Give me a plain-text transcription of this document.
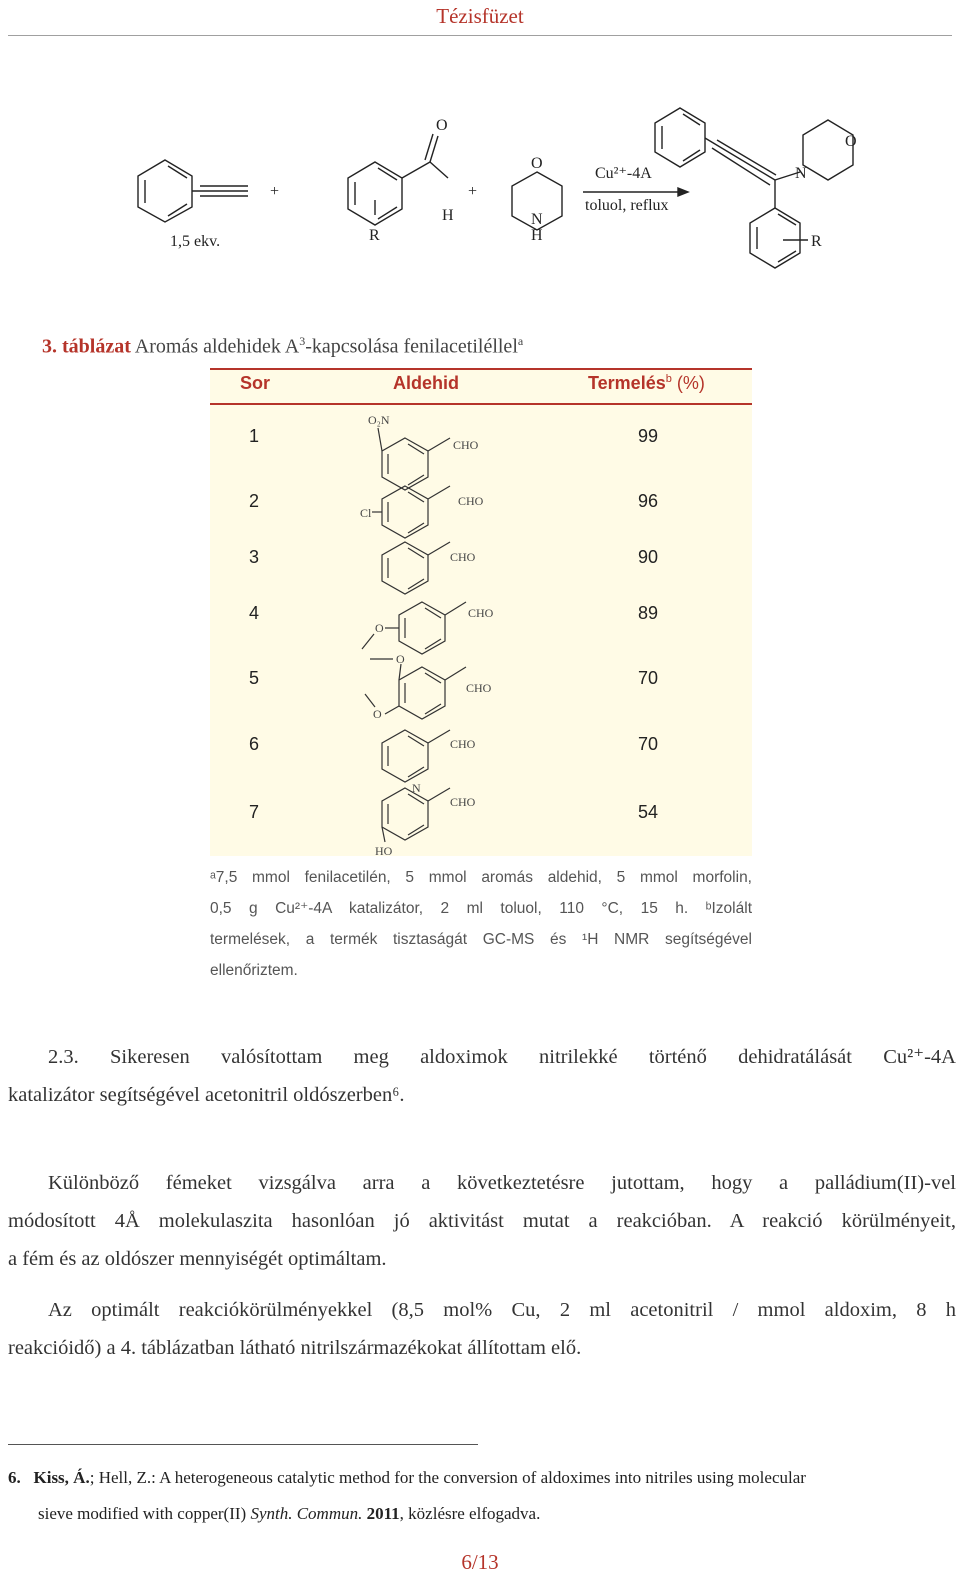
Tézisfüzet
1,5 ekv.
+	+
R
O
H
O
N
H
Cu²⁺-4A
toluol, reflux
N
O
R
3. táblázat Aromás aldehidek $A^3$-kapcsolása fenilacetiléllel$^a$
Sor	Aldehid	Termelés$^b$ (%)
1	99
2	96
3	90
4	89
5	70
6	70
7	54
O₂N
CHO
Cl
CHO
CHO
O
CHO
O
O
CHO
N
CHO
CHO
HO
ᵃ7,5 mmol fenilacetilén, 5 mmol aromás aldehid, 5 mmol morfolin,
0,5 g Cu²⁺-4A katalizátor, 2 ml toluol, 110 °C, 15 h. ᵇIzolált
termelések, a termék tisztaságát GC-MS és ¹H NMR segítségével
ellenőriztem.
2.3. Sikeresen valósítottam meg aldoximok nitrilekké történő dehidratálását Cu²⁺-4A
katalizátor segítségével acetonitril oldószerben⁶.
Különböző fémeket vizsgálva arra a következtetésre jutottam, hogy a palládium(II)-vel
módosított 4Å molekulaszita hasonlóan jó aktivitást mutat a reakcióban. A reakció körülményeit,
a fém és az oldószer mennyiségét optimáltam.
Az optimált reakciókörülményekkel (8,5 mol% Cu, 2 ml acetonitril / mmol aldoxim, 8 h
reakcióidő) a 4. táblázatban látható nitrilszármazékokat állítottam elő.
6. Kiss, Á.; Hell, Z.: A heterogeneous catalytic method for the conversion of aldoximes into nitriles using molecular
sieve modified with copper(II) Synth. Commun. 2011, közlésre elfogadva.
6/13
